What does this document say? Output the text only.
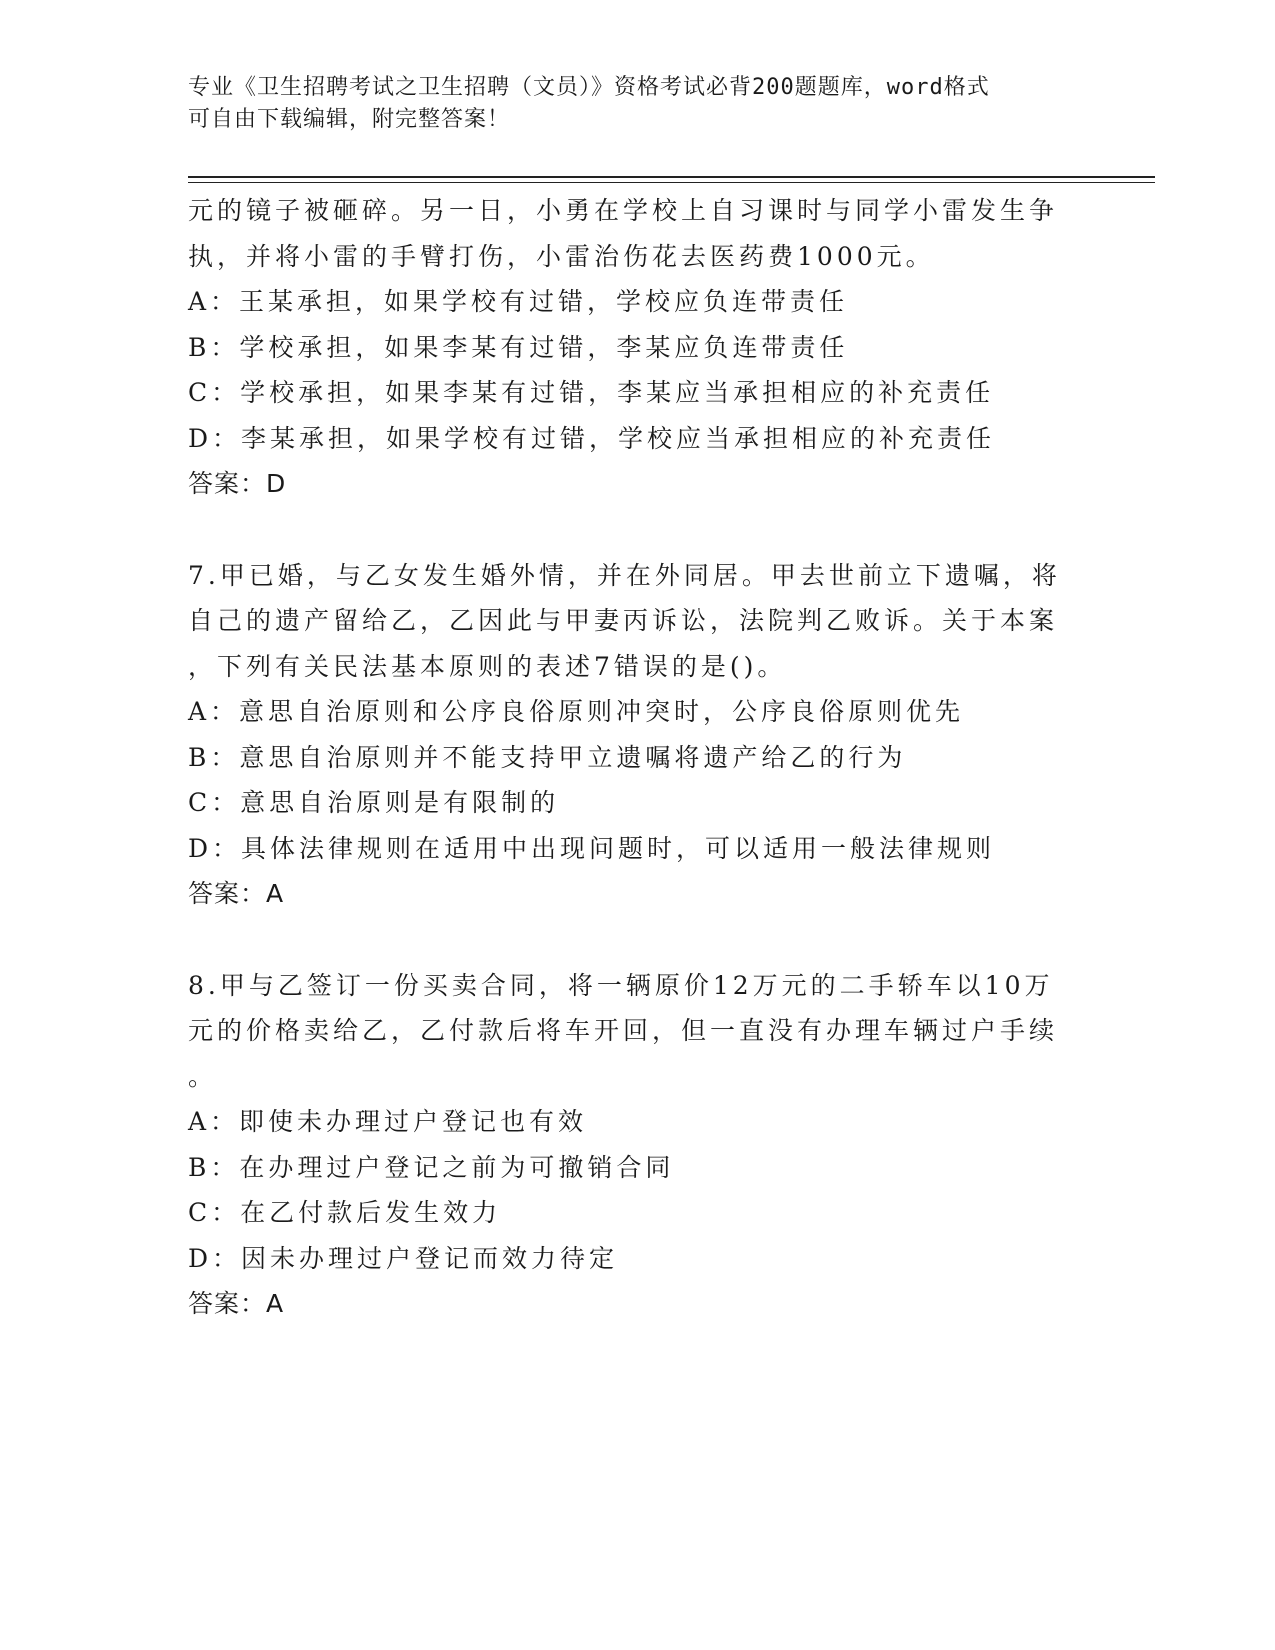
专业《卫生招聘考试之卫生招聘（文员）》资格考试必背200题题库，word格式
可自由下载编辑，附完整答案！
元的镜子被砸碎。另一日，小勇在学校上自习课时与同学小雷发生争
执，并将小雷的手臂打伤，小雷治伤花去医药费1000元。
A：王某承担，如果学校有过错，学校应负连带责任
B：学校承担，如果李某有过错，李某应负连带责任
C：学校承担，如果李某有过错，李某应当承担相应的补充责任
D：李某承担，如果学校有过错，学校应当承担相应的补充责任
答案：D
7.甲已婚，与乙女发生婚外情，并在外同居。甲去世前立下遗嘱，将
自己的遗产留给乙，乙因此与甲妻丙诉讼，法院判乙败诉。关于本案
，下列有关民法基本原则的表述7错误的是()。
A：意思自治原则和公序良俗原则冲突时，公序良俗原则优先
B：意思自治原则并不能支持甲立遗嘱将遗产给乙的行为
C：意思自治原则是有限制的
D：具体法律规则在适用中出现问题时，可以适用一般法律规则
答案：A
8.甲与乙签订一份买卖合同，将一辆原价12万元的二手轿车以10万
元的价格卖给乙，乙付款后将车开回，但一直没有办理车辆过户手续
。
A：即使未办理过户登记也有效
B：在办理过户登记之前为可撤销合同
C：在乙付款后发生效力
D：因未办理过户登记而效力待定
答案：A
